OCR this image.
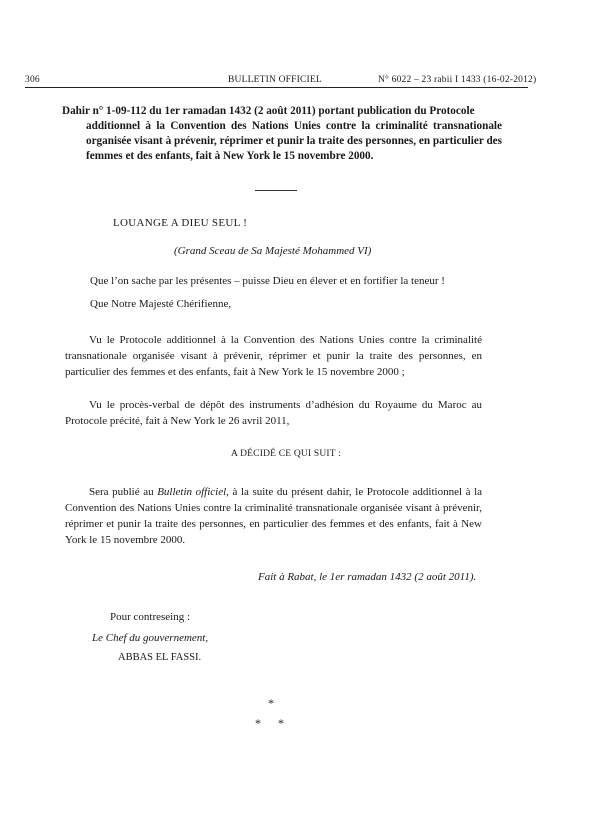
306	BULLETIN OFFICIEL	N° 6022 – 23 rabii I 1433 (16-02-2012)
Dahir n° 1-09-112 du 1er ramadan 1432 (2 août 2011) portant publication du Protocole
additionnel à la Convention des Nations Unies contre la criminalité transnationale organisée visant à prévenir, réprimer et punir la traite des personnes, en particulier des femmes et des enfants, fait à New York le 15 novembre 2000.
LOUANGE A DIEU SEUL !
(Grand Sceau de Sa Majesté Mohammed VI)
Que l’on sache par les présentes – puisse Dieu en élever et en fortifier la teneur !
Que Notre Majesté Chérifienne,
Vu le Protocole additionnel à la Convention des Nations Unies contre la criminalité transnationale organisée visant à prévenir, réprimer et punir la traite des personnes, en particulier des femmes et des enfants, fait à New York le 15 novembre 2000 ;
Vu le procès-verbal de dépôt des instruments d’adhésion du Royaume du Maroc au Protocole précité, fait à New York le 26 avril 2011,
A DÉCIDÉ CE QUI SUIT :
Sera publié au Bulletin officiel, à la suite du présent dahir, le Protocole additionnel à la Convention des Nations Unies contre la criminalité transnationale organisée visant à prévenir, réprimer et punir la traite des personnes, en particulier des femmes et des enfants, fait à New York le 15 novembre 2000.
Fait à Rabat, le 1er ramadan 1432 (2 août 2011).
Pour contreseing :
Le Chef du gouvernement,
ABBAS EL FASSI.
*
* *
